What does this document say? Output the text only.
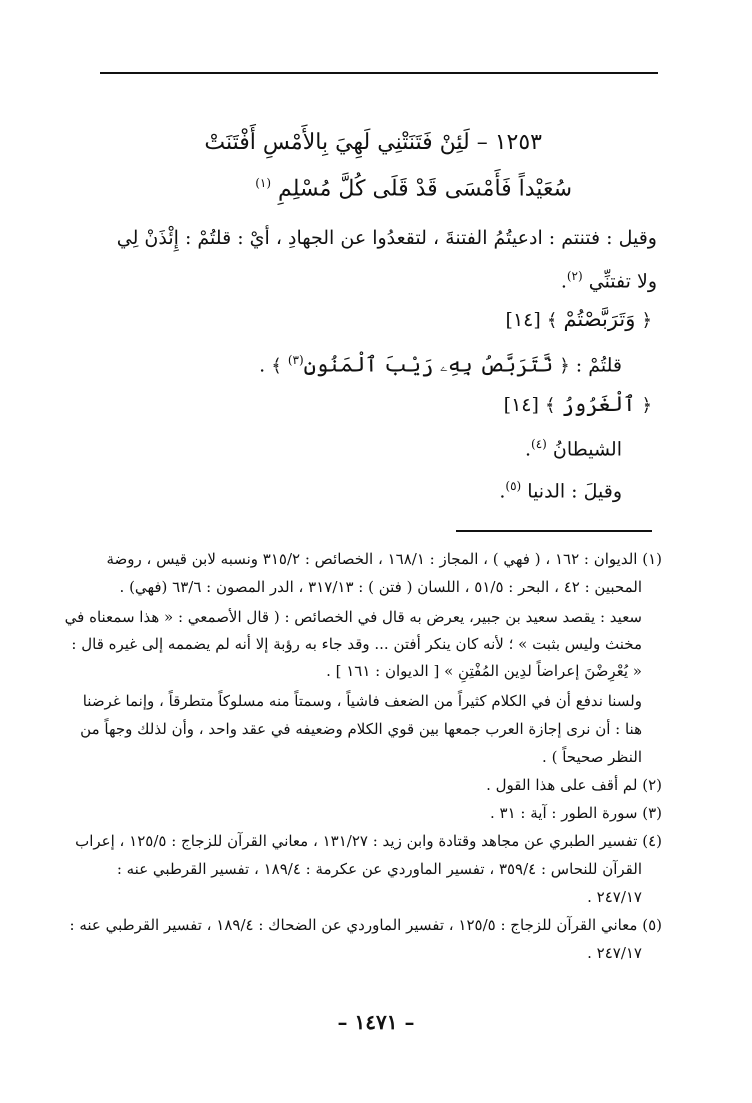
١٢٥٣ – لَئِنْ فَتَنَتْنِي لَهِيَ بِالأَمْسِ أَفْتَنَتْ
سُعَيْداً فَأَمْسَى قَدْ قَلَى كُلَّ مُسْلِمِ $^{(١)}$
وقيل : فتنتم : ادعيتُمُ الفتنةَ ، لتقعدُوا عن الجهادِ ، أيْ : قلتُمْ : إِئْذَنْ لِي
ولا تفتنِّي $^{(٢)}$.
﴿ وَتَرَبَّصْتُمْ ﴾ [١٤]
قلتُمْ : ﴿ نَّتَرَبَّصُ بِهِۦ رَيْبَ ٱلْمَنُونِ$^{(٣)}$ ﴾ .
﴿ ٱلْغَرُورُ ﴾ [١٤]
الشيطانُ $^{(٤)}$.
وقيلَ : الدنيا $^{(٥)}$.
(١) الديوان : ١٦٢ ، ( فهي ) ، المجاز : ١٦٨/١ ، الخصائص : ٣١٥/٢ ونسبه لابن قيس ، روضة
المحبين : ٤٢ ، البحر : ٥١/٥ ، اللسان ( فتن ) : ٣١٧/١٣ ، الدر المصون : ٦٣/٦ (فهي) .
سعيد : يقصد سعيد بن جبير، يعرض به قال في الخصائص : ( قال الأصمعي : « هذا سمعناه في
مخنث وليس بثبت » ؛ لأنه كان ينكر أفتن ... وقد جاء به رؤبة إلا أنه لم يضممه إلى غيره قال :
« يُعْرِضْنَ إعراضاً لدِين المُفْتِنِ » [ الديوان : ١٦١ ] .
ولسنا ندفع أن في الكلام كثيراً من الضعف فاشياً ، وسمتاً منه مسلوكاً متطرقاً ، وإنما غرضنا
هنا : أن نرى إجازة العرب جمعها بين قوي الكلام وضعيفه في عقد واحد ، وأن لذلك وجهاً من
النظر صحيحاً ) .
(٢) لم أقف على هذا القول .
(٣) سورة الطور : آية : ٣١ .
(٤) تفسير الطبري عن مجاهد وقتادة وابن زيد : ١٣١/٢٧ ، معاني القرآن للزجاج : ١٢٥/٥ ، إعراب
القرآن للنحاس : ٣٥٩/٤ ، تفسير الماوردي عن عكرمة : ١٨٩/٤ ، تفسير القرطبي عنه :
٢٤٧/١٧ .
(٥) معاني القرآن للزجاج : ١٢٥/٥ ، تفسير الماوردي عن الضحاك : ١٨٩/٤ ، تفسير القرطبي عنه :
٢٤٧/١٧ .
– ١٤٧١ –
